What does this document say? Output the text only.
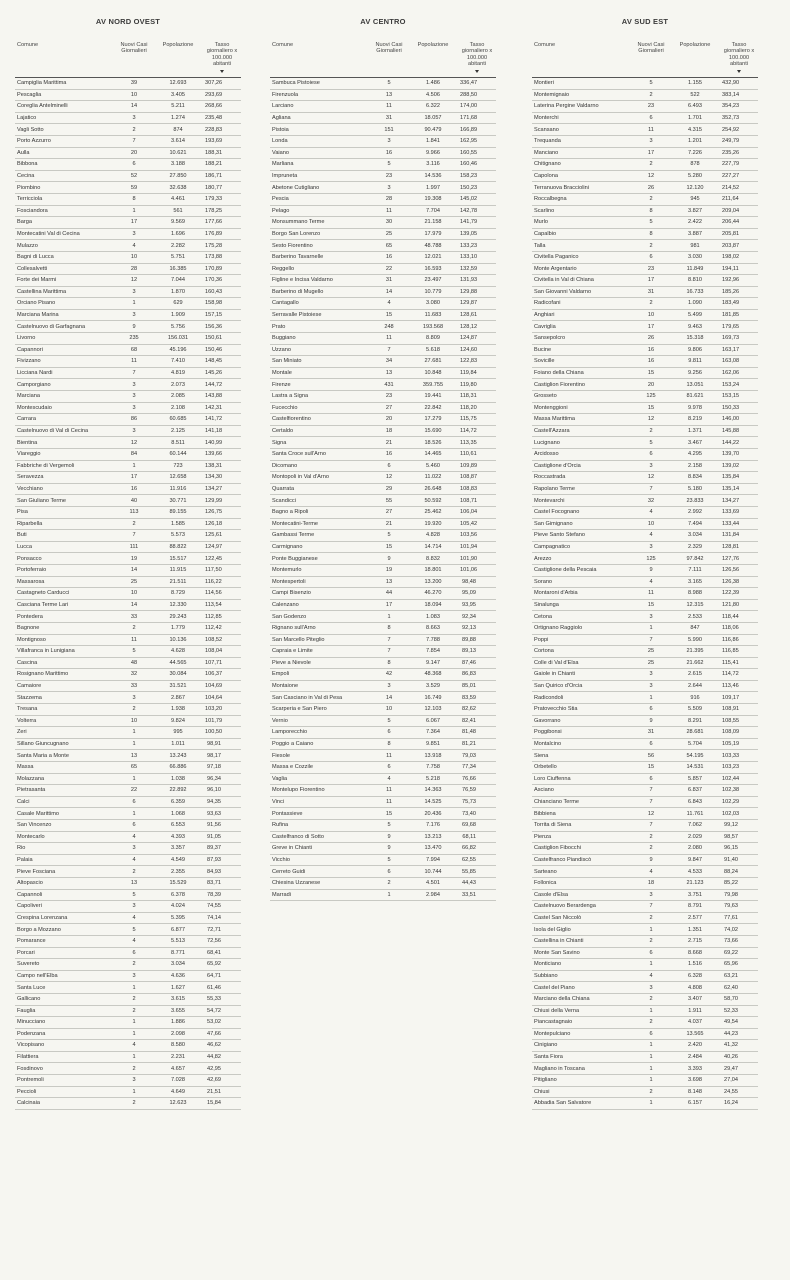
AV NORD OVEST
Comune	Nuovi Casi Giornalieri	Popolazione	Tasso giornaliero x 100.000 abitanti

Campiglia Marittima	39	12.693	307,26
Pescaglia	10	3.405	293,69
Coreglia Antelminelli	14	5.211	268,66
Lajatico	3	1.274	235,48
Vagli Sotto	2	874	228,83
Porto Azzurro	7	3.614	193,69
Aulla	20	10.621	188,31
Bibbona	6	3.188	188,21
Cecina	52	27.850	186,71
Piombino	59	32.638	180,77
Terricciola	8	4.461	179,33
Fosciandora	1	561	178,25
Barga	17	9.569	177,66
Montecatini Val di Cecina	3	1.696	176,89
Mulazzo	4	2.282	175,28
Bagni di Lucca	10	5.751	173,88
Collesalvetti	28	16.385	170,89
Forte dei Marmi	12	7.044	170,36
Castellina Marittima	3	1.870	160,43
Orciano Pisano	1	629	158,98
Marciana Marina	3	1.909	157,15
Castelnuovo di Garfagnana	9	5.756	156,36
Livorno	235	156.031	150,61
Capannori	68	45.196	150,46
Fivizzano	11	7.410	148,45
Licciana Nardi	7	4.819	145,26
Camporgiano	3	2.073	144,72
Marciana	3	2.085	143,88
Montescudaio	3	2.108	142,31
Carrara	86	60.685	141,72
Castelnuovo di Val di Cecina	3	2.125	141,18
Bientina	12	8.511	140,99
Viareggio	84	60.144	139,66
Fabbriche di Vergemoli	1	723	138,31
Seravezza	17	12.658	134,30
Vecchiano	16	11.916	134,27
San Giuliano Terme	40	30.771	129,99
Pisa	113	89.155	126,75
Riparbella	2	1.585	126,18
Buti	7	5.573	125,61
Lucca	111	88.822	124,97
Ponsacco	19	15.517	122,45
Portoferraio	14	11.915	117,50
Massarosa	25	21.511	116,22
Castagneto Carducci	10	8.729	114,56
Casciana Terme Lari	14	12.330	113,54
Pontedera	33	29.243	112,85
Bagnone	2	1.779	112,42
Montignoso	11	10.136	108,52
Villafranca in Lunigiana	5	4.628	108,04
Cascina	48	44.565	107,71
Rosignano Marittimo	32	30.084	106,37
Camaiore	33	31.521	104,69
Stazzema	3	2.867	104,64
Tresana	2	1.938	103,20
Volterra	10	9.824	101,79
Zeri	1	995	100,50
Sillano Giuncugnano	1	1.011	98,91
Santa Maria a Monte	13	13.243	98,17
Massa	65	66.886	97,18
Molazzana	1	1.038	96,34
Pietrasanta	22	22.892	96,10
Calci	6	6.359	94,35
Casale Marittimo	1	1.068	93,63
San Vincenzo	6	6.553	91,56
Montecarlo	4	4.393	91,05
Rio	3	3.357	89,37
Palaia	4	4.549	87,93
Pieve Fosciana	2	2.355	84,93
Altopascio	13	15.529	83,71
Capannoli	5	6.378	78,39
Capoliveri	3	4.024	74,55
Crespina Lorenzana	4	5.395	74,14
Borgo a Mozzano	5	6.877	72,71
Pomarance	4	5.513	72,56
Porcari	6	8.771	68,41
Suvereto	2	3.034	65,92
Campo nell'Elba	3	4.636	64,71
Santa Luce	1	1.627	61,46
Gallicano	2	3.615	55,33
Fauglia	2	3.655	54,72
Minucciano	1	1.886	53,02
Podenzana	1	2.098	47,66
Vicopisano	4	8.580	46,62
Filattiera	1	2.231	44,82
Fosdinovo	2	4.657	42,95
Pontremoli	3	7.028	42,69
Peccioli	1	4.649	21,51
Calcinaia	2	12.623	15,84
AV CENTRO
Comune	Nuovi Casi Giornalieri	Popolazione	Tasso giornaliero x 100.000 abitanti

Sambuca Pistoiese	5	1.486	336,47
Firenzuola	13	4.506	288,50
Larciano	11	6.322	174,00
Agliana	31	18.057	171,68
Pistoia	151	90.479	166,89
Londa	3	1.841	162,95
Vaiano	16	9.966	160,55
Marliana	5	3.116	160,46
Impruneta	23	14.536	158,23
Abetone Cutigliano	3	1.997	150,23
Pescia	28	19.308	145,02
Pelago	11	7.704	142,78
Monsummano Terme	30	21.158	141,79
Borgo San Lorenzo	25	17.979	139,05
Sesto Fiorentino	65	48.788	133,23
Barberino Tavarnelle	16	12.021	133,10
Reggello	22	16.593	132,59
Figline e Incisa Valdarno	31	23.497	131,93
Barberino di Mugello	14	10.779	129,88
Cantagallo	4	3.080	129,87
Serravalle Pistoiese	15	11.683	128,61
Prato	248	193.568	128,12
Buggiano	11	8.809	124,87
Uzzano	7	5.618	124,60
San Miniato	34	27.681	122,83
Montale	13	10.848	119,84
Firenze	431	359.755	119,80
Lastra a Signa	23	19.441	118,31
Fucecchio	27	22.842	118,20
Castelfiorentino	20	17.279	115,75
Certaldo	18	15.690	114,72
Signa	21	18.526	113,35
Santa Croce sull'Arno	16	14.465	110,61
Dicomano	6	5.460	109,89
Montopoli in Val d'Arno	12	11.022	108,87
Quarrata	29	26.648	108,83
Scandicci	55	50.592	108,71
Bagno a Ripoli	27	25.462	106,04
Montecatini-Terme	21	19.920	105,42
Gambassi Terme	5	4.828	103,56
Carmignano	15	14.714	101,94
Ponte Buggianese	9	8.832	101,90
Montemurlo	19	18.801	101,06
Montespertoli	13	13.200	98,48
Campi Bisenzio	44	46.270	95,09
Calenzano	17	18.094	93,95
San Godenzo	1	1.083	92,34
Rignano sull'Arno	8	8.663	92,13
San Marcello Piteglio	7	7.788	89,88
Capraia e Limite	7	7.854	89,13
Pieve a Nievole	8	9.147	87,46
Empoli	42	48.368	86,83
Montaione	3	3.529	85,01
San Casciano in Val di Pesa	14	16.749	83,59
Scarperia e San Piero	10	12.103	82,62
Vernio	5	6.067	82,41
Lamporecchio	6	7.364	81,48
Poggio a Caiano	8	9.851	81,21
Fiesole	11	13.918	79,03
Massa e Cozzile	6	7.758	77,34
Vaglia	4	5.218	76,66
Montelupo Fiorentino	11	14.363	76,59
Vinci	11	14.525	75,73
Pontassieve	15	20.436	73,40
Rufina	5	7.176	69,68
Castelfranco di Sotto	9	13.213	68,11
Greve in Chianti	9	13.470	66,82
Vicchio	5	7.994	62,55
Cerreto Guidi	6	10.744	55,85
Chiesina Uzzanese	2	4.501	44,43
Marradi	1	2.984	33,51
AV SUD EST
Comune	Nuovi Casi Giornalieri	Popolazione	Tasso giornaliero x 100.000 abitanti

Montieri	5	1.155	432,90
Montemignaio	2	522	383,14
Laterina Pergine Valdarno	23	6.493	354,23
Monterchi	6	1.701	352,73
Scansano	11	4.315	254,92
Trequanda	3	1.201	249,79
Manciano	17	7.226	235,26
Chitignano	2	878	227,79
Capolona	12	5.280	227,27
Terranuova Bracciolini	26	12.120	214,52
Roccalbegna	2	945	211,64
Scarlino	8	3.827	209,04
Murlo	5	2.422	206,44
Capalbio	8	3.887	205,81
Talla	2	981	203,87
Civitella Paganico	6	3.030	198,02
Monte Argentario	23	11.849	194,11
Civitella in Val di Chiana	17	8.810	192,96
San Giovanni Valdarno	31	16.733	185,26
Radicofani	2	1.090	183,49
Anghiari	10	5.499	181,85
Cavriglia	17	9.463	179,65
Sansepolcro	26	15.318	169,73
Bucine	16	9.806	163,17
Sovicille	16	9.811	163,08
Foiano della Chiana	15	9.256	162,06
Castiglion Fiorentino	20	13.051	153,24
Grosseto	125	81.621	153,15
Montenggioni	15	9.978	150,33
Massa Marittima	12	8.219	146,00
Castell'Azzara	2	1.371	145,88
Lucignano	5	3.467	144,22
Arcidosso	6	4.295	139,70
Castiglione d'Orcia	3	2.158	139,02
Roccastrada	12	8.834	135,84
Rapolano Terme	7	5.180	135,14
Montevarchi	32	23.833	134,27
Castel Focognano	4	2.992	133,69
San Gimignano	10	7.494	133,44
Pieve Santo Stefano	4	3.034	131,84
Campagnatico	3	2.329	128,81
Arezzo	125	97.842	127,76
Castiglione della Pescaia	9	7.111	126,56
Sorano	4	3.165	126,38
Montaroni d'Arbia	11	8.988	122,39
Sinalunga	15	12.315	121,80
Cetona	3	2.533	118,44
Ortignano Raggiolo	1	847	118,06
Poppi	7	5.990	116,86
Cortona	25	21.395	116,85
Colle di Val d'Elsa	25	21.662	115,41
Gaiole in Chianti	3	2.615	114,72
San Quirico d'Orcia	3	2.644	113,46
Radicondoli	1	916	109,17
Pratovecchio Stia	6	5.509	108,91
Gavorrano	9	8.291	108,55
Poggibonsi	31	28.681	108,09
Montalcino	6	5.704	105,19
Siena	56	54.195	103,33
Orbetello	15	14.531	103,23
Loro Ciuffenna	6	5.857	102,44
Asciano	7	6.837	102,38
Chianciano Terme	7	6.843	102,29
Bibbiena	12	11.761	102,03
Torrita di Siena	7	7.062	99,12
Pienza	2	2.029	98,57
Castiglion Fibocchi	2	2.080	96,15
Castelfranco Piandiscò	9	9.847	91,40
Sarteano	4	4.533	88,24
Follonica	18	21.123	85,22
Casole d'Elsa	3	3.751	79,98
Castelnuovo Berardenga	7	8.791	79,63
Castel San Niccolò	2	2.577	77,61
Isola del Giglio	1	1.351	74,02
Castellina in Chianti	2	2.715	73,66
Monte San Savino	6	8.668	69,22
Monticiano	1	1.516	65,96
Subbiano	4	6.328	63,21
Castel del Piano	3	4.808	62,40
Marciano della Chiana	2	3.407	58,70
Chiusi della Verna	1	1.911	52,33
Piancastagnaio	2	4.037	49,54
Montepulciano	6	13.565	44,23
Cinigiano	1	2.420	41,32
Santa Fiora	1	2.484	40,26
Magliano in Toscana	1	3.393	29,47
Pitigliano	1	3.698	27,04
Chiusi	2	8.148	24,55
Abbadia San Salvatore	1	6.157	16,24
